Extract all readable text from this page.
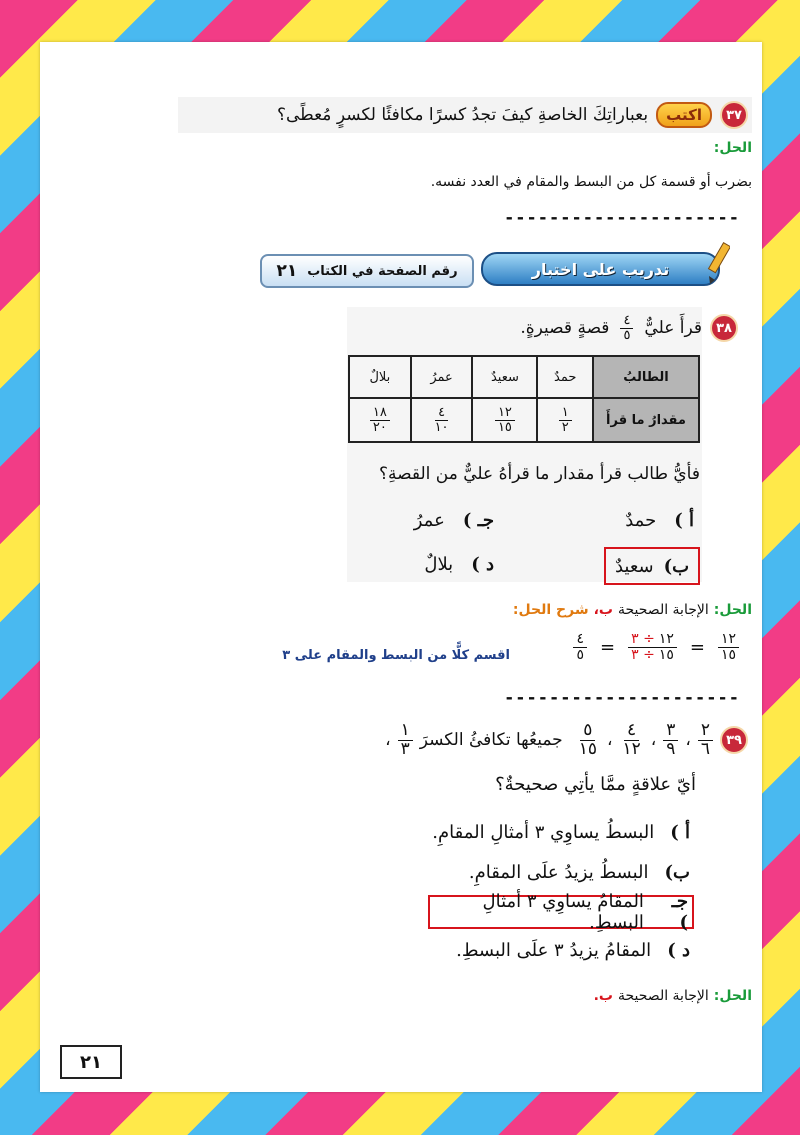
٣٧
اكتب
بعباراتِكَ الخاصةِ كيفَ تجدُ كسرًا مكافئًا لكسرٍ مُعطًى؟
الحل:
بضرب أو قسمة كل من البسط والمقام في العدد نفسه.
---------------------
تدريب على اختبار
رقم الصفحة في الكتاب
٢١
٣٨
قرأَ عليٌّ
$\frac{٤}{٥}$
قصةٍ قصيرةٍ.
الطالبُ	حمدٌ	سعيدٌ	عمرُ	بلالٌ
مقدارُ ما قرأَ	$\frac{١}{٢}$	$\frac{١٢}{١٥}$	$\frac{٤}{١٠}$	$\frac{١٨}{٢٠}$
فأيُّ طالب قرأ مقدار ما قرأهُ عليٌّ من القصةِ؟
أ )
حمدٌ
جـ )
عمرُ
ب)
سعيدٌ
د )
بلالٌ
الحل:
الإجابة الصحيحة
ب،
شرح الحل:
$\frac{١٢}{١٥}$
=
١٢
÷ ٣
١٥
÷ ٣
=
$\frac{٤}{٥}$
اقسم كلًّا من البسط والمقام على ٣
---------------------
٣٩
$\frac{٢}{٦}$
،
$\frac{٣}{٩}$
،
$\frac{٤}{١٢}$
،
$\frac{٥}{١٥}$
جميعُها تكافئُ الكسرَ
$\frac{١}{٣}$
،
أيّ علاقةٍ ممَّا يأتِي صحيحةٌ؟
أ )
البسطُ يساوِي ٣ أمثالِ المقامِ.
ب)
البسطُ يزيدُ علَى المقامِ.
جـ )
المقامُ يساوِي ٣ أمثالِ البسطِ.
د )
المقامُ يزيدُ ٣ علَى البسطِ.
الحل:
الإجابة الصحيحة
ب.
٢١
